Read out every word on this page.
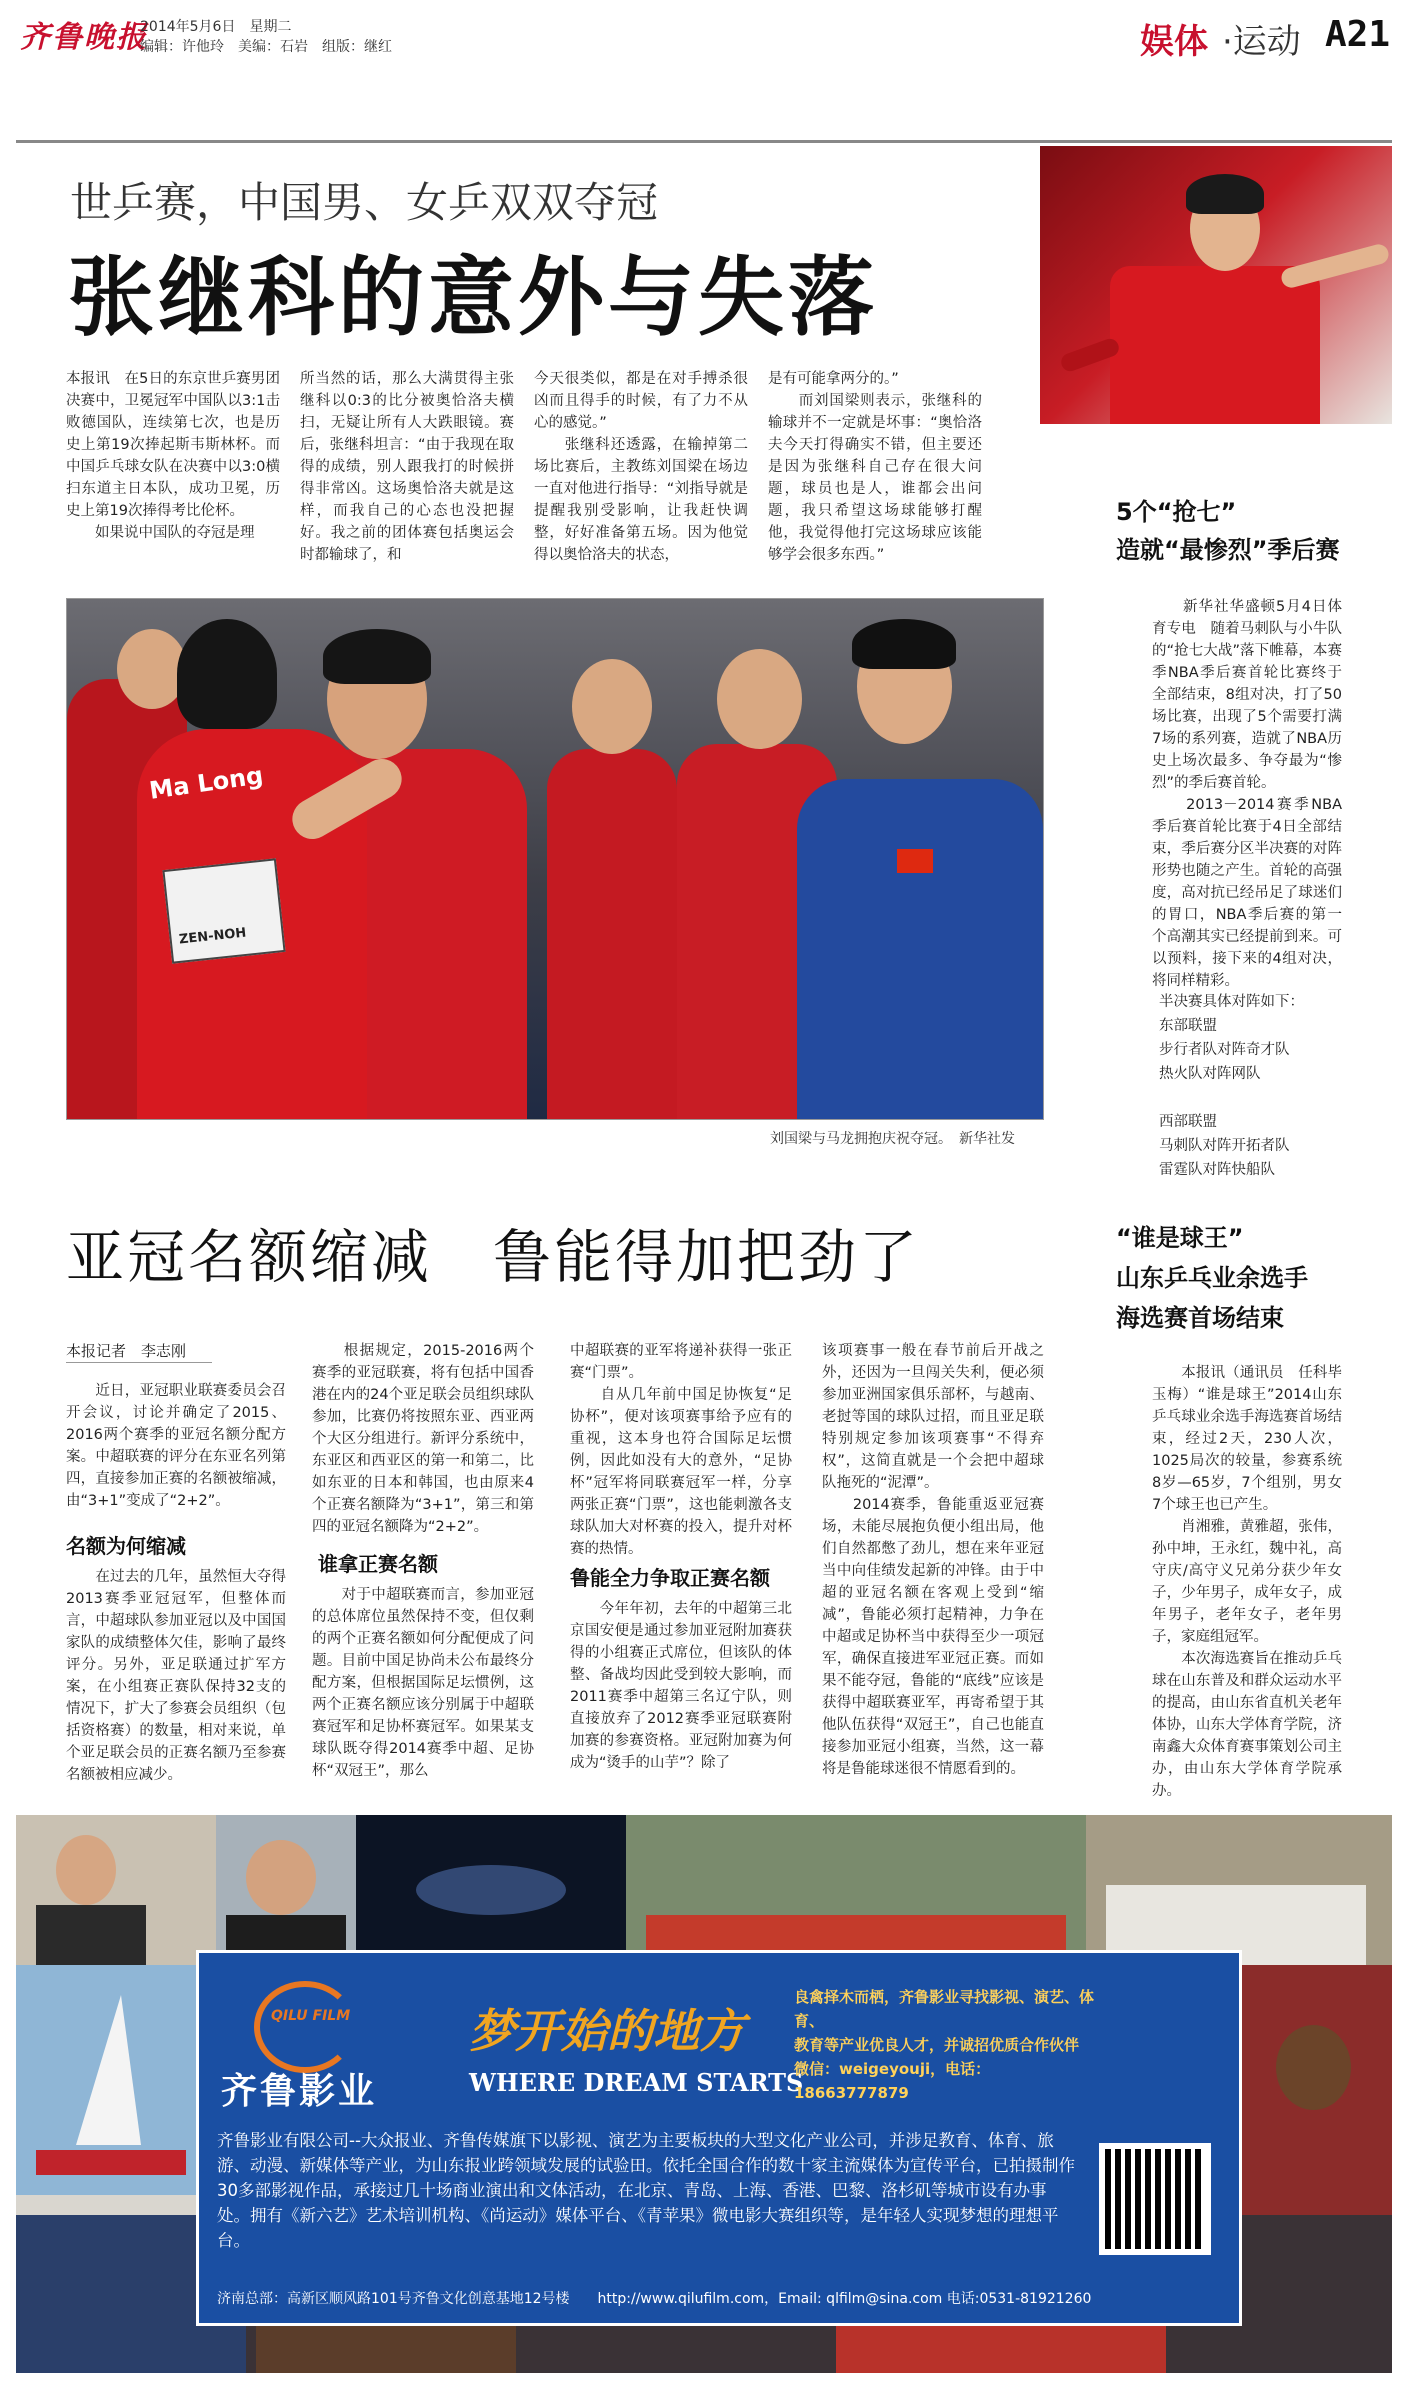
齐鲁晚报
2014年5月6日　星期二
编辑：许他玲　美编：石岩　组版：继红	娱体 ·运动 A21
世乒赛，中国男、女乒双双夺冠
张继科的意外与失落
本报讯　在5日的东京世乒赛男团决赛中，卫冕冠军中国队以3:1击败德国队，连续第七次，也是历史上第19次捧起斯韦斯林杯。而中国乒乓球女队在决赛中以3:0横扫东道主日本队，成功卫冕，历史上第19次捧得考比伦杯。
　　如果说中国队的夺冠是理
所当然的话，那么大满贯得主张继科以0:3的比分被奥恰洛夫横扫，无疑让所有人大跌眼镜。赛后，张继科坦言：“由于我现在取得的成绩，别人跟我打的时候拼得非常凶。这场奥恰洛夫就是这样，而我自己的心态也没把握好。我之前的团体赛包括奥运会时都输球了，和
今天很类似，都是在对手搏杀很凶而且得手的时候，有了力不从心的感觉。”
　　张继科还透露，在输掉第二场比赛后，主教练刘国梁在场边一直对他进行指导：“刘指导就是提醒我别受影响，让我赶快调整，好好准备第五场。因为他觉得以奥恰洛夫的状态，
是有可能拿两分的。”
　　而刘国梁则表示，张继科的输球并不一定就是坏事：“奥恰洛夫今天打得确实不错，但主要还是因为张继科自己存在很大问题，球员也是人，谁都会出问题，我只希望这场球能够打醒他，我觉得他打完这场球应该能够学会很多东西。”
Ma Long
ZEN-NOH
刘国梁与马龙拥抱庆祝夺冠。　新华社发
5个“抢七”
造就“最惨烈”季后赛
　　新华社华盛顿5月4日体育专电　随着马刺队与小牛队的“抢七大战”落下帷幕，本赛季NBA季后赛首轮比赛终于全部结束，8组对决，打了50场比赛，出现了5个需要打满7场的系列赛，造就了NBA历史上场次最多、争夺最为“惨烈”的季后赛首轮。
　　2013－2014赛季NBA季后赛首轮比赛于4日全部结束，季后赛分区半决赛的对阵形势也随之产生。首轮的高强度，高对抗已经吊足了球迷们的胃口，NBA季后赛的第一个高潮其实已经提前到来。可以预料，接下来的4组对决，将同样精彩。
　　半决赛具体对阵如下：
　　东部联盟
　　步行者队对阵奇才队
　　热火队对阵网队
　　西部联盟
　　马刺队对阵开拓者队
　　雷霆队对阵快船队
亚冠名额缩减　鲁能得加把劲了
本报记者　李志刚
　　近日，亚冠职业联赛委员会召开会议，讨论并确定了2015、2016两个赛季的亚冠名额分配方案。中超联赛的评分在东亚名列第四，直接参加正赛的名额被缩减，由“3+1”变成了“2+2”。
名额为何缩减
　　在过去的几年，虽然恒大夺得2013赛季亚冠冠军，但整体而言，中超球队参加亚冠以及中国国家队的成绩整体欠佳，影响了最终评分。另外，亚足联通过扩军方案，在小组赛正赛队保持32支的情况下，扩大了参赛会员组织（包括资格赛）的数量，相对来说，单个亚足联会员的正赛名额乃至参赛名额被相应减少。
　　根据规定，2015-2016两个赛季的亚冠联赛，将有包括中国香港在内的24个亚足联会员组织球队参加，比赛仍将按照东亚、西亚两个大区分组进行。新评分系统中，东亚区和西亚区的第一和第二，比如东亚的日本和韩国，也由原来4个正赛名额降为“3+1”，第三和第四的亚冠名额降为“2+2”。
谁拿正赛名额
　　对于中超联赛而言，参加亚冠的总体席位虽然保持不变，但仅剩的两个正赛名额如何分配便成了问题。目前中国足协尚未公布最终分配方案，但根据国际足坛惯例，这两个正赛名额应该分别属于中超联赛冠军和足协杯赛冠军。如果某支球队既夺得2014赛季中超、足协杯“双冠王”，那么
中超联赛的亚军将递补获得一张正赛“门票”。
　　自从几年前中国足协恢复“足协杯”，便对该项赛事给予应有的重视，这本身也符合国际足坛惯例，因此如没有大的意外，“足协杯”冠军将同联赛冠军一样，分享两张正赛“门票”，这也能刺激各支球队加大对杯赛的投入，提升对杯赛的热情。
鲁能全力争取正赛名额
　　今年年初，去年的中超第三北京国安便是通过参加亚冠附加赛获得的小组赛正式席位，但该队的体整、备战均因此受到较大影响，而2011赛季中超第三名辽宁队，则直接放弃了2012赛季亚冠联赛附加赛的参赛资格。亚冠附加赛为何成为“烫手的山芋”？除了
该项赛事一般在春节前后开战之外，还因为一旦闯关失利，便必须参加亚洲国家俱乐部杯，与越南、老挝等国的球队过招，而且亚足联特别规定参加该项赛事“不得弃权”，这简直就是一个会把中超球队拖死的“泥潭”。
　　2014赛季，鲁能重返亚冠赛场，未能尽展抱负便小组出局，他们自然都憋了劲儿，想在来年亚冠当中向佳绩发起新的冲锋。由于中超的亚冠名额在客观上受到“缩减”，鲁能必须打起精神，力争在中超或足协杯当中获得至少一项冠军，确保直接进军亚冠正赛。而如果不能夺冠，鲁能的“底线”应该是获得中超联赛亚军，再寄希望于其他队伍获得“双冠王”，自己也能直接参加亚冠小组赛，当然，这一幕将是鲁能球迷很不情愿看到的。
“谁是球王”
山东乒乓业余选手
海选赛首场结束
　　本报讯（通讯员　任科毕玉梅）“谁是球王”2014山东乒乓球业余选手海选赛首场结束，经过2天，230人次，1025局次的较量，参赛系统8岁—65岁，7个组别，男女7个球王也已产生。
　　肖湘雅，黄雅超，张伟，孙中坤，王永红，魏中礼，高守庆/高守义兄弟分获少年女子，少年男子，成年女子，成年男子，老年女子，老年男子，家庭组冠军。
　　本次海选赛旨在推动乒乓球在山东普及和群众运动水平的提高，由山东省直机关老年体协，山东大学体育学院，济南鑫大众体育赛事策划公司主办，由山东大学体育学院承办。
QILU FILM
齐鲁影业
梦开始的地方
WHERE DREAM STARTS
良禽择木而栖，齐鲁影业寻找影视、演艺、体育、
教育等产业优良人才，并诚招优质合作伙伴
微信：weigeyouji，电话：18663777879
齐鲁影业有限公司--大众报业、齐鲁传媒旗下以影视、演艺为主要板块的大型文化产业公司，并涉足教育、体育、旅游、动漫、新媒体等产业，为山东报业跨领域发展的试验田。依托全国合作的数十家主流媒体为宣传平台，已拍摄制作30多部影视作品，承接过几十场商业演出和文体活动，在北京、青岛、上海、香港、巴黎、洛杉矶等城市设有办事处。拥有《新六艺》艺术培训机构、《尚运动》媒体平台、《青苹果》微电影大赛组织等，是年轻人实现梦想的理想平台。
济南总部：高新区顺风路101号齐鲁文化创意基地12号楼　　http://www.qilufilm.com，Email: qlfilm@sina.com 电话:0531-81921260
